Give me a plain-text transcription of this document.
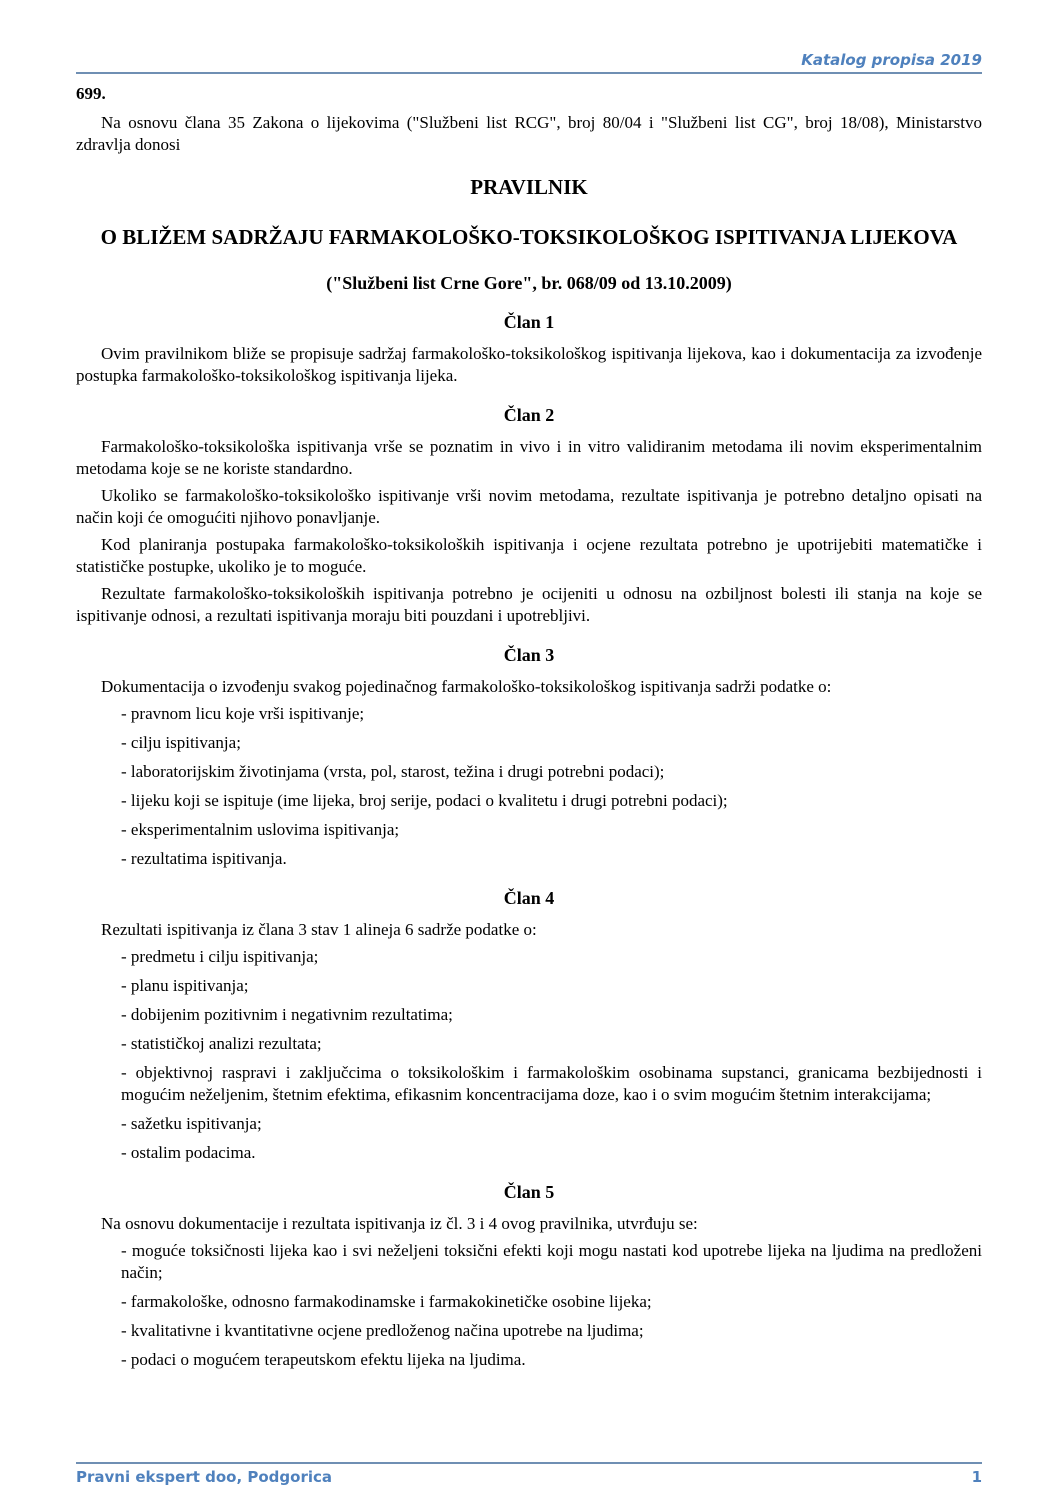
Katalog propisa 2019
699.

Na osnovu člana 35 Zakona o lijekovima ("Službeni list RCG", broj 80/04 i "Službeni list CG", broj 18/08), Ministarstvo zdravlja donosi

PRAVILNIK
O BLIŽEM SADRŽAJU FARMAKOLOŠKO-TOKSIKOLOŠKOG ISPITIVANJA LIJEKOVA
("Službeni list Crne Gore", br. 068/09 od 13.10.2009)
Član 1

Ovim pravilnikom bliže se propisuje sadržaj farmakološko-toksikološkog ispitivanja lijekova, kao i dokumentacija za izvođenje postupka farmakološko-toksikološkog ispitivanja lijeka.

Član 2

Farmakološko-toksikološka ispitivanja vrše se poznatim in vivo i in vitro validiranim metodama ili novim eksperimentalnim metodama koje se ne koriste standardno.

Ukoliko se farmakološko-toksikološko ispitivanje vrši novim metodama, rezultate ispitivanja je potrebno detaljno opisati na način koji će omogućiti njihovo ponavljanje.

Kod planiranja postupaka farmakološko-toksikoloških ispitivanja i ocjene rezultata potrebno je upotrijebiti matematičke i statističke postupke, ukoliko je to moguće.

Rezultate farmakološko-toksikoloških ispitivanja potrebno je ocijeniti u odnosu na ozbiljnost bolesti ili stanja na koje se ispitivanje odnosi, a rezultati ispitivanja moraju biti pouzdani i upotrebljivi.

Član 3

Dokumentacija o izvođenju svakog pojedinačnog farmakološko-toksikološkog ispitivanja sadrži podatke o:

- pravnom licu koje vrši ispitivanje;
- cilju ispitivanja;
- laboratorijskim životinjama (vrsta, pol, starost, težina i drugi potrebni podaci);
- lijeku koji se ispituje (ime lijeka, broj serije, podaci o kvalitetu i drugi potrebni podaci);
- eksperimentalnim uslovima ispitivanja;
- rezultatima ispitivanja.
Član 4

Rezultati ispitivanja iz člana 3 stav 1 alineja 6 sadrže podatke o:

- predmetu i cilju ispitivanja;
- planu ispitivanja;
- dobijenim pozitivnim i negativnim rezultatima;
- statističkoj analizi rezultata;
- objektivnoj raspravi i zaključcima o toksikološkim i farmakološkim osobinama supstanci, granicama bezbijednosti i mogućim neželjenim, štetnim efektima, efikasnim koncentracijama doze, kao i o svim mogućim štetnim interakcijama;
- sažetku ispitivanja;
- ostalim podacima.
Član 5

Na osnovu dokumentacije i rezultata ispitivanja iz čl. 3 i 4 ovog pravilnika, utvrđuju se:

- moguće toksičnosti lijeka kao i svi neželjeni toksični efekti koji mogu nastati kod upotrebe lijeka na ljudima na predloženi način;
- farmakološke, odnosno farmakodinamske i farmakokinetičke osobine lijeka;
- kvalitativne i kvantitativne ocjene predloženog načina upotrebe na ljudima;
- podaci o mogućem terapeutskom efektu lijeka na ljudima.
Pravni ekspert doo, Podgorica	1
